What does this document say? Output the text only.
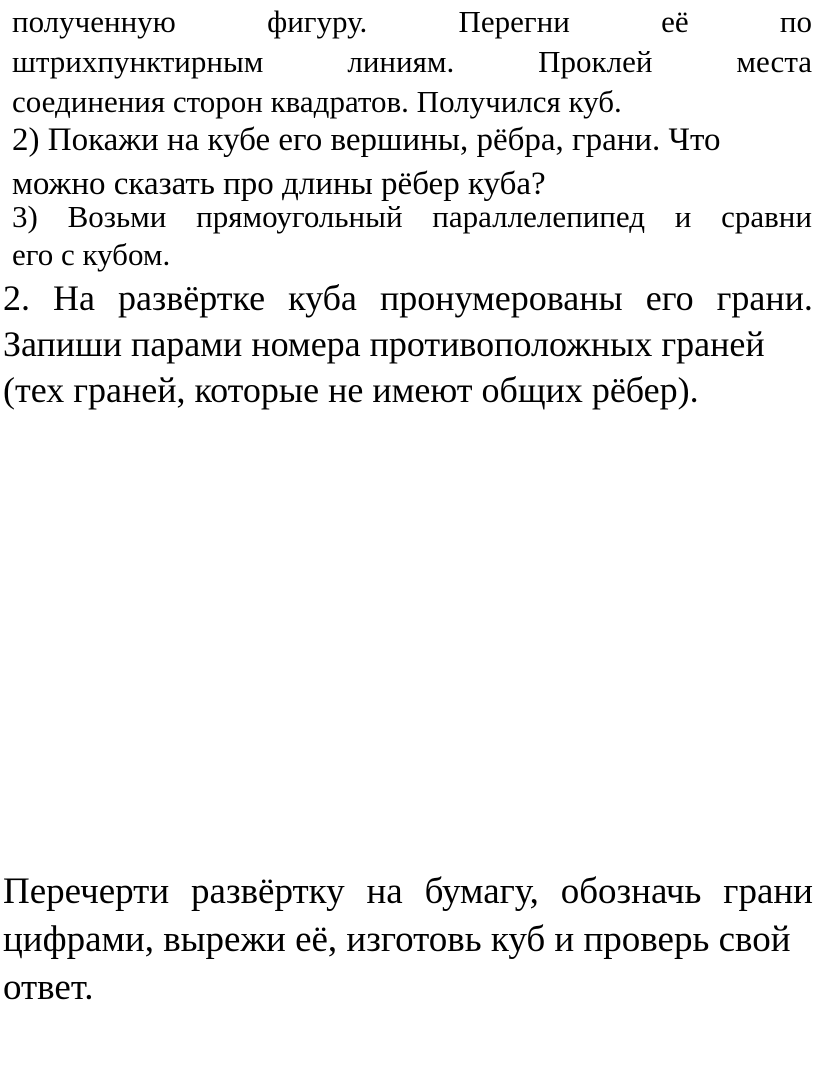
полученную	фигуру.	Перегни	её	по
штрихпунктирным	линиям.	Проклей	места
соединения сторон квадратов. Получился куб.
2) Покажи на кубе его вершины, рёбра, грани. Что
можно сказать про длины рёбер куба?
3) Возьми прямоугольный параллелепипед и сравни
его с кубом.
2. На развёртке куба пронумерованы его грани.
Запиши парами номера противоположных граней
(тех граней, которые не имеют общих рёбер).
Перечерти развёртку на бумагу, обозначь грани
цифрами, вырежи её, изготовь куб и проверь свой
ответ.
